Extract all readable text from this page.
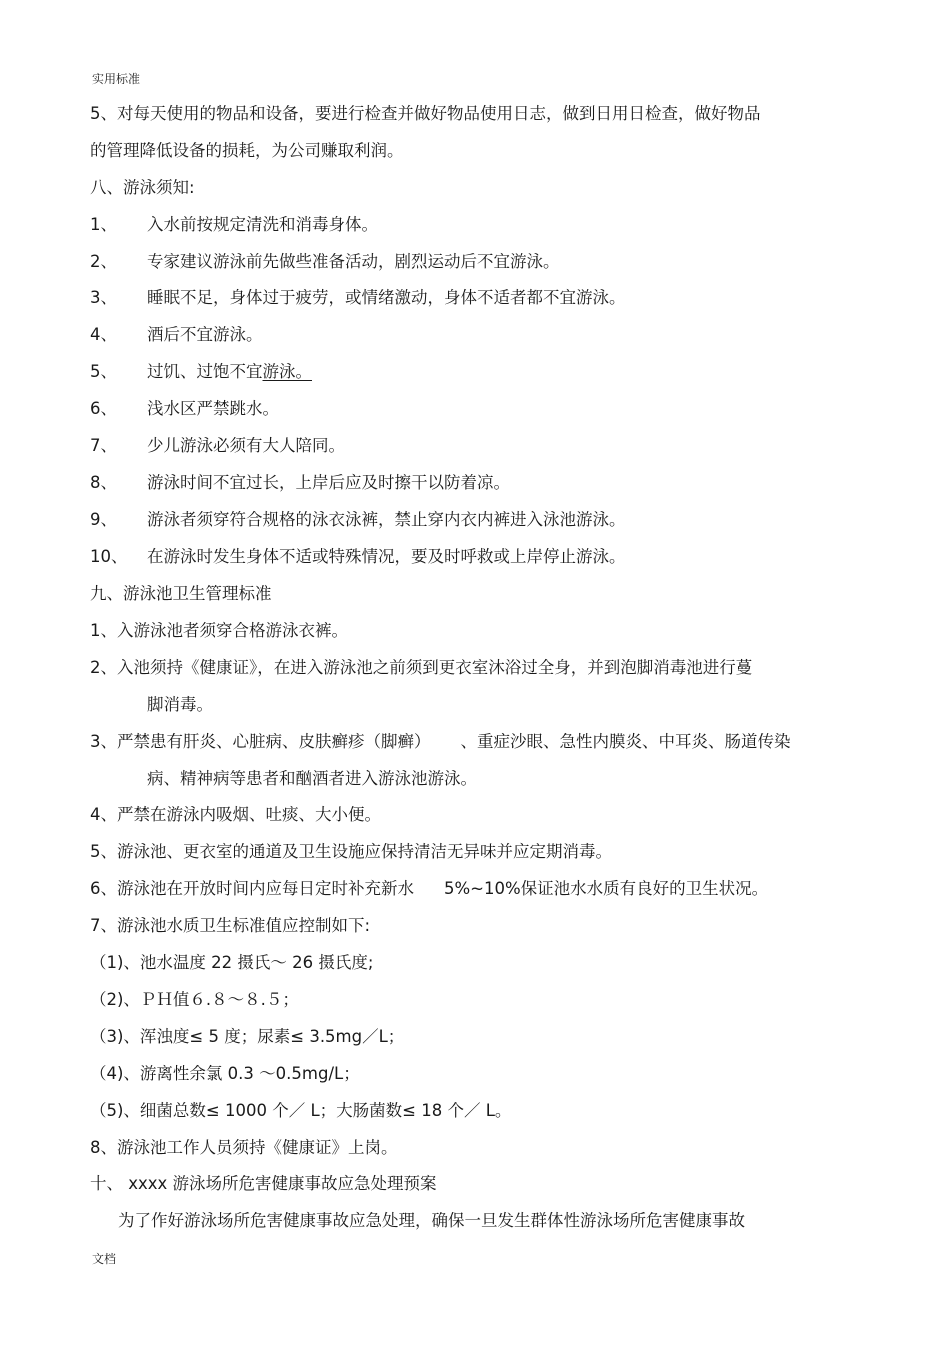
实用标准
5、对每天使用的物品和设备，要进行检查并做好物品使用日志，做到日用日检查，做好物品
的管理降低设备的损耗，为公司赚取利润。
八、游泳须知:
1、 入水前按规定清洗和消毒身体。
2、 专家建议游泳前先做些准备活动，剧烈运动后不宜游泳。
3、 睡眠不足，身体过于疲劳，或情绪激动，身体不适者都不宜游泳。
4、 酒后不宜游泳。
5、 过饥、过饱不宜游泳。
6、 浅水区严禁跳水。
7、 少儿游泳必须有大人陪同。
8、 游泳时间不宜过长，上岸后应及时擦干以防着凉。
9、 游泳者须穿符合规格的泳衣泳裤，禁止穿内衣内裤进入泳池游泳。
10、 在游泳时发生身体不适或特殊情况，要及时呼救或上岸停止游泳。
九、游泳池卫生管理标准
1、入游泳池者须穿合格游泳衣裤。
2、入池须持《健康证》，在进入游泳池之前须到更衣室沐浴过全身，并到泡脚消毒池进行蔓
脚消毒。
3、严禁患有肝炎、心脏病、皮肤癣疹（脚癣） 、重症沙眼、急性内膜炎、中耳炎、肠道传染
病、精神病等患者和酗酒者进入游泳池游泳。
4、严禁在游泳内吸烟、吐痰、大小便。
5、游泳池、更衣室的通道及卫生设施应保持清洁无异味并应定期消毒。
6、游泳池在开放时间内应每日定时补充新水 5%~10%保证池水水质有良好的卫生状况。
7、游泳池水质卫生标准值应控制如下:
（1)、池水温度 22 摄氏～ 26 摄氏度;
（2)、ＰＨ值６.８～８.５；
（3)、浑浊度≤ 5 度；尿素≤ 3.5mg／L；
（4)、游离性余氯 0.3 ～0.5mg/L；
（5)、细菌总数≤ 1000 个／ L；大肠菌数≤ 18 个／ L。
8、游泳池工作人员须持《健康证》上岗。
十、 xxxx 游泳场所危害健康事故应急处理预案
为了作好游泳场所危害健康事故应急处理，确保一旦发生群体性游泳场所危害健康事故
文档
